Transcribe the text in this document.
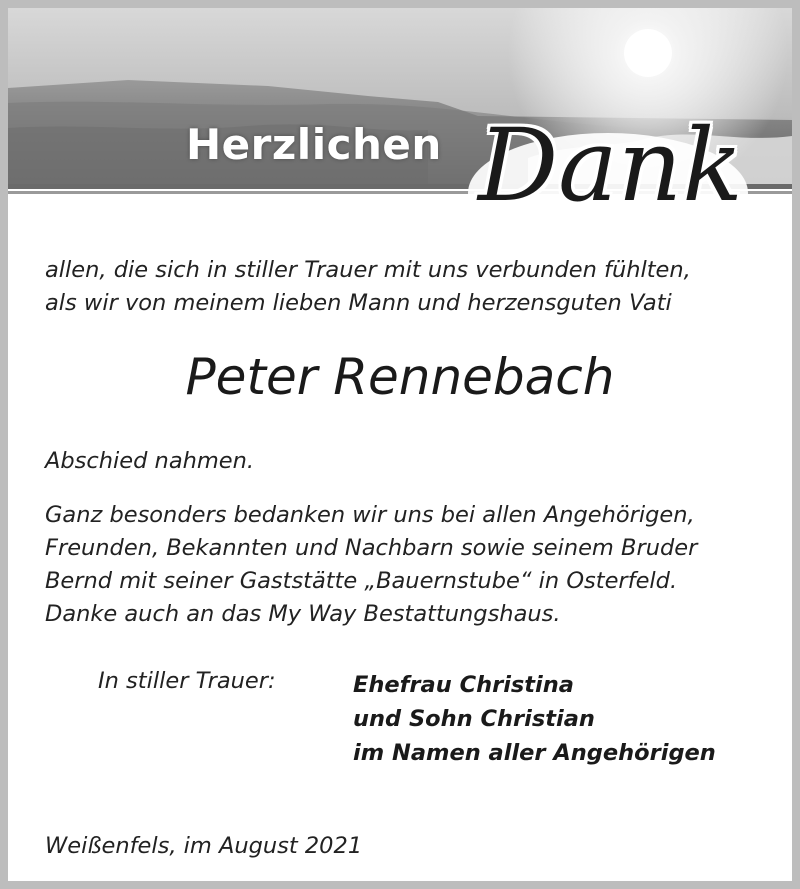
Herzlichen Dank
allen, die sich in stiller Trauer mit uns verbunden fühlten,
als wir von meinem lieben Mann und herzensguten Vati
Peter Rennebach
Abschied nahmen.
Ganz besonders bedanken wir uns bei allen Angehörigen,
Freunden, Bekannten und Nachbarn sowie seinem Bruder
Bernd mit seiner Gaststätte „Bauernstube“ in Osterfeld.
Danke auch an das My Way Bestattungshaus.
In stiller Trauer:	Ehefrau Christina
und Sohn Christian
im Namen aller Angehörigen
Weißenfels, im August 2021
